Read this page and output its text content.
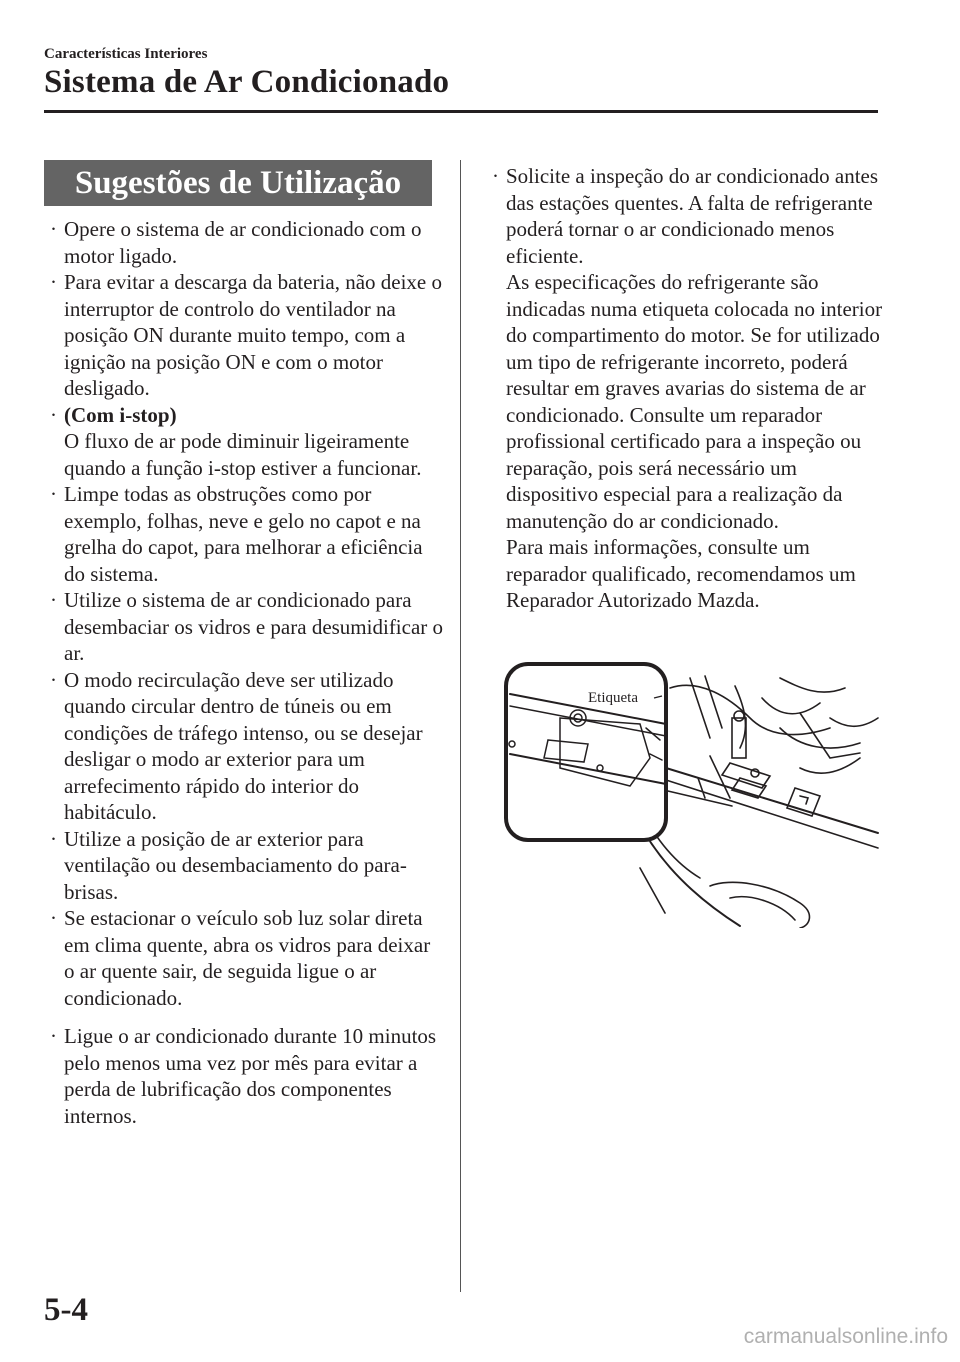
Características Interiores
Sistema de Ar Condicionado
Sugestões de Utilização
· Opere o sistema de ar condicionado com o motor ligado.
· Para evitar a descarga da bateria, não deixe o interruptor de controlo do ventilador na posição ON durante muito tempo, com a ignição na posição ON e com o motor desligado.
· (Com i-stop)
O fluxo de ar pode diminuir ligeiramente quando a função i-stop estiver a funcionar.
· Limpe todas as obstruções como por exemplo, folhas, neve e gelo no capot e na grelha do capot, para melhorar a eficiência do sistema.
· Utilize o sistema de ar condicionado para desembaciar os vidros e para desumidificar o ar.
· O modo recirculação deve ser utilizado quando circular dentro de túneis ou em condições de tráfego intenso, ou se desejar desligar o modo ar exterior para um arrefecimento rápido do interior do habitáculo.
· Utilize a posição de ar exterior para ventilação ou desembaciamento do para-brisas.
· Se estacionar o veículo sob luz solar direta em clima quente, abra os vidros para deixar o ar quente sair, de seguida ligue o ar condicionado.
· Ligue o ar condicionado durante 10 minutos pelo menos uma vez por mês para evitar a perda de lubrificação dos componentes internos.
· Solicite a inspeção do ar condicionado antes das estações quentes. A falta de refrigerante poderá tornar o ar condicionado menos eficiente.
As especificações do refrigerante são indicadas numa etiqueta colocada no interior do compartimento do motor. Se for utilizado um tipo de refrigerante incorreto, poderá resultar em graves avarias do sistema de ar condicionado. Consulte um reparador profissional certificado para a inspeção ou reparação, pois será necessário um dispositivo especial para a realização da manutenção do ar condicionado.
Para mais informações, consulte um reparador qualificado, recomendamos um Reparador Autorizado Mazda.
Etiqueta
5-4
carmanualsonline.info
